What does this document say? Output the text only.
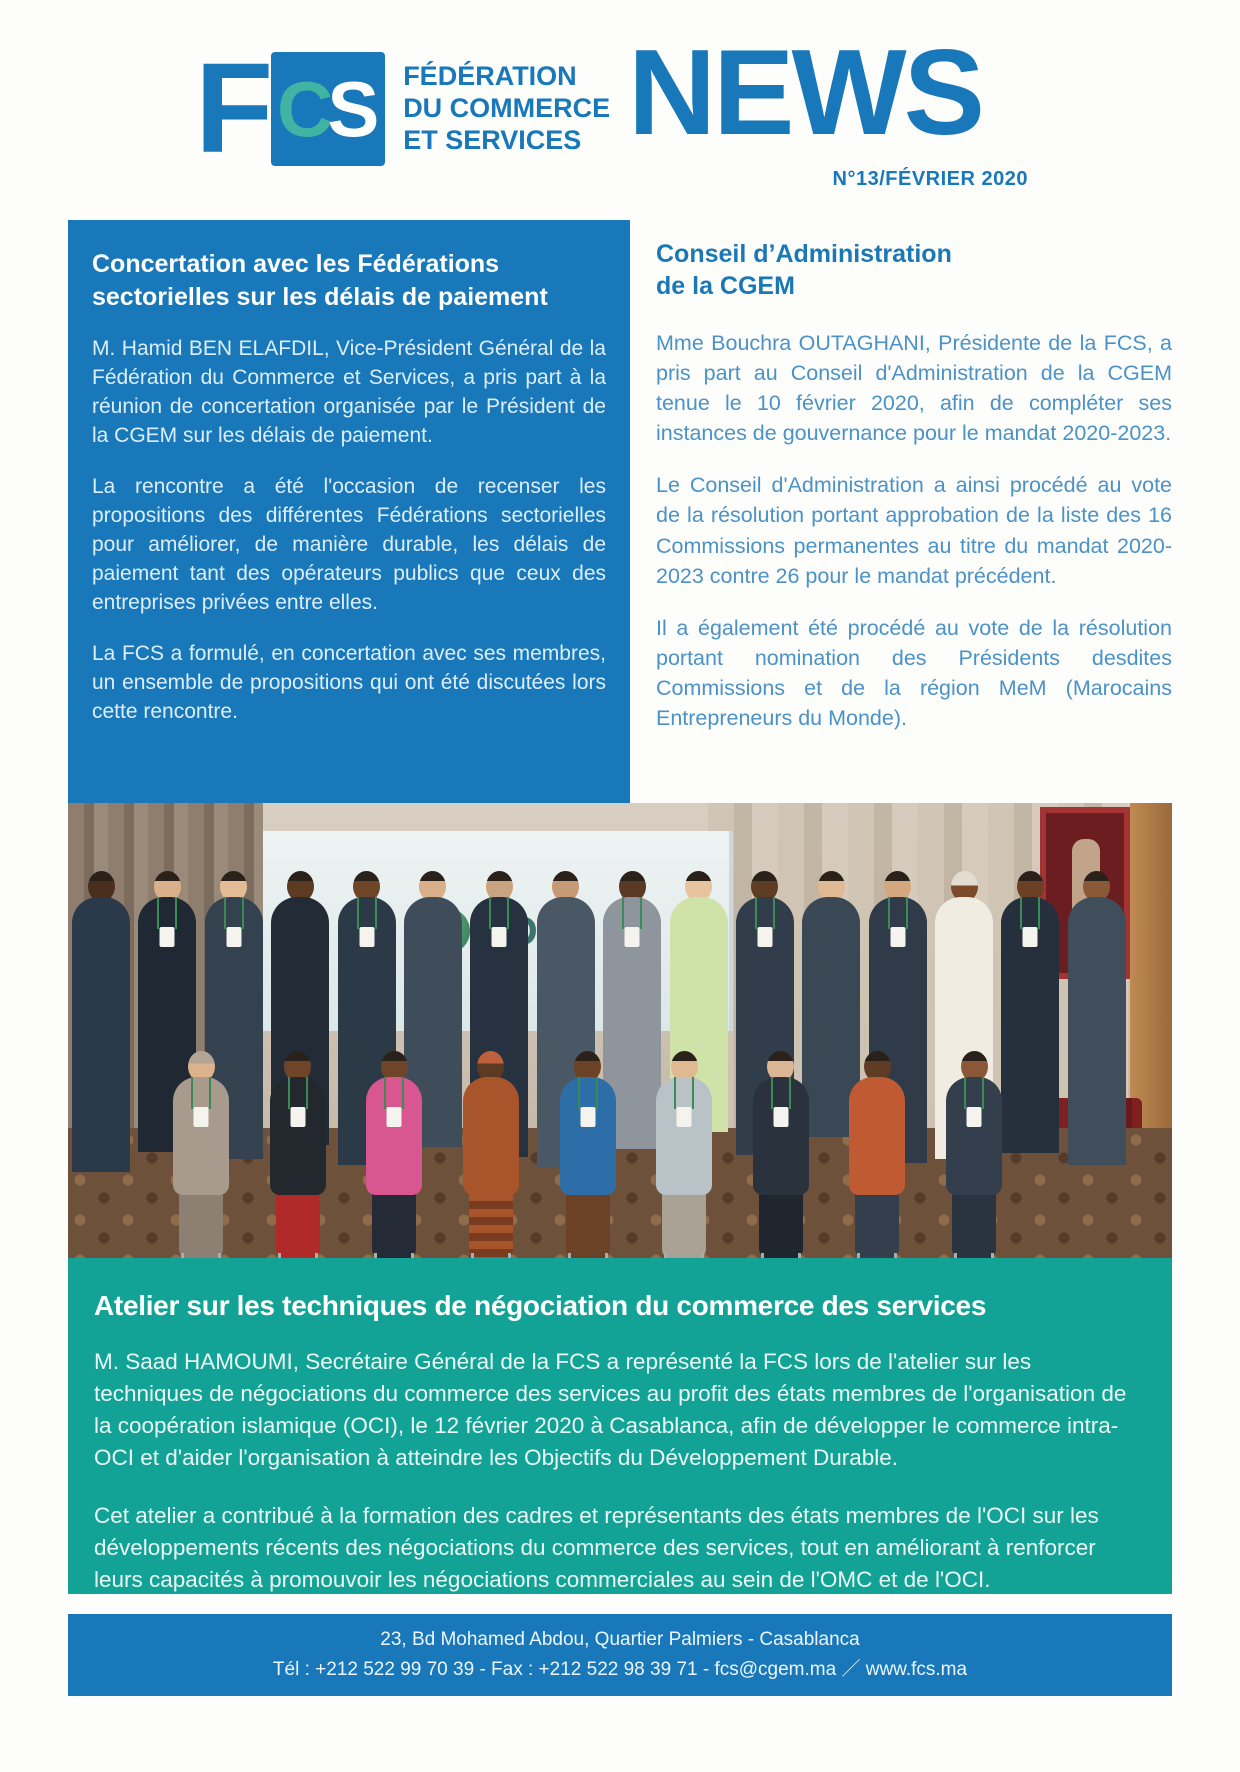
F C S FÉDÉRATION
DU COMMERCE
ET SERVICES NEWS
N°13/FÉVRIER 2020
Concertation avec les Fédérations sectorielles sur les délais de paiement

M. Hamid BEN ELAFDIL, Vice-Président Général de la Fédération du Commerce et Services, a pris part à la réunion de concertation organisée par le Président de la CGEM sur les délais de paiement.

La rencontre a été l'occasion de recenser les propositions des différentes Fédérations sectorielles pour améliorer, de manière durable, les délais de paiement tant des opérateurs publics que ceux des entreprises privées entre elles.

La FCS a formulé, en concertation avec ses membres, un ensemble de propositions qui ont été discutées lors cette rencontre.

Conseil d’Administration
de la CGEM

Mme Bouchra OUTAGHANI, Présidente de la FCS, a pris part au Conseil d'Administration de la CGEM tenue le 10 février 2020, afin de compléter ses instances de gouvernance pour le mandat 2020-2023.

Le Conseil d'Administration a ainsi procédé au vote de la résolution portant approbation de la liste des 16 Commissions permanentes au titre du mandat 2020-2023 contre 26 pour le mandat précédent.

Il a également été procédé au vote de la résolution portant nomination des Présidents desdites Commissions et de la région MeM (Marocains Entrepreneurs du Monde).

Atelier sur les techniques de négociation du commerce des services

M. Saad HAMOUMI, Secrétaire Général de la FCS a représenté la FCS lors de l'atelier sur les techniques de négociations du commerce des services au profit des états membres de l'organisation de la coopération islamique (OCI), le 12 février 2020 à Casablanca, afin de développer le commerce intra-OCI et d'aider l'organisation à atteindre les Objectifs du Développement Durable.

Cet atelier a contribué à la formation des cadres et représentants des états membres de l'OCI sur les développements récents des négociations du commerce des services, tout en améliorant à renforcer leurs capacités à promouvoir les négociations commerciales au sein de l'OMC et de l'OCI.

23, Bd Mohamed Abdou, Quartier Palmiers - Casablanca
Tél : +212 522 99 70 39 - Fax : +212 522 98 39 71 - fcs@cgem.ma ／ www.fcs.ma
